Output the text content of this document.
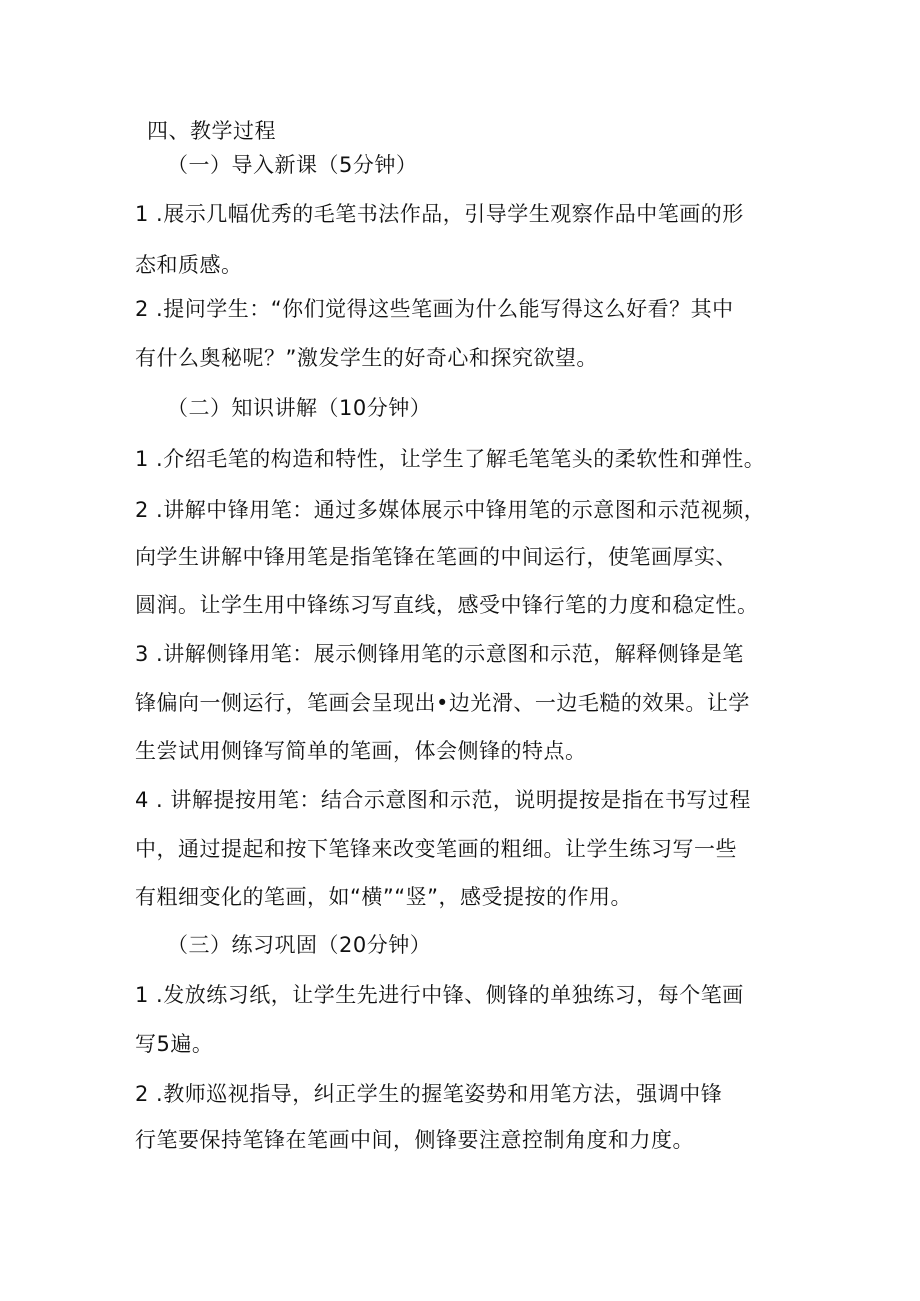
四、教学过程
（一）导入新课（5分钟）
1 .展示几幅优秀的毛笔书法作品，引导学生观察作品中笔画的形
态和质感。
2 .提问学生：“你们觉得这些笔画为什么能写得这么好看？其中
有什么奥秘呢？”激发学生的好奇心和探究欲望。
（二）知识讲解（10分钟）
1 .介绍毛笔的构造和特性，让学生了解毛笔笔头的柔软性和弹性。
2 .讲解中锋用笔：通过多媒体展示中锋用笔的示意图和示范视频，
向学生讲解中锋用笔是指笔锋在笔画的中间运行，使笔画厚实、
圆润。让学生用中锋练习写直线，感受中锋行笔的力度和稳定性。
3 .讲解侧锋用笔：展示侧锋用笔的示意图和示范，解释侧锋是笔
锋偏向一侧运行，笔画会呈现出•边光滑、一边毛糙的效果。让学
生尝试用侧锋写简单的笔画，体会侧锋的特点。
4 . 讲解提按用笔：结合示意图和示范，说明提按是指在书写过程
中，通过提起和按下笔锋来改变笔画的粗细。让学生练习写一些
有粗细变化的笔画，如“横”“竖”，感受提按的作用。
（三）练习巩固（20分钟）
1 .发放练习纸，让学生先进行中锋、侧锋的单独练习，每个笔画
写5遍。
2 .教师巡视指导，纠正学生的握笔姿势和用笔方法，强调中锋
行笔要保持笔锋在笔画中间，侧锋要注意控制角度和力度。
